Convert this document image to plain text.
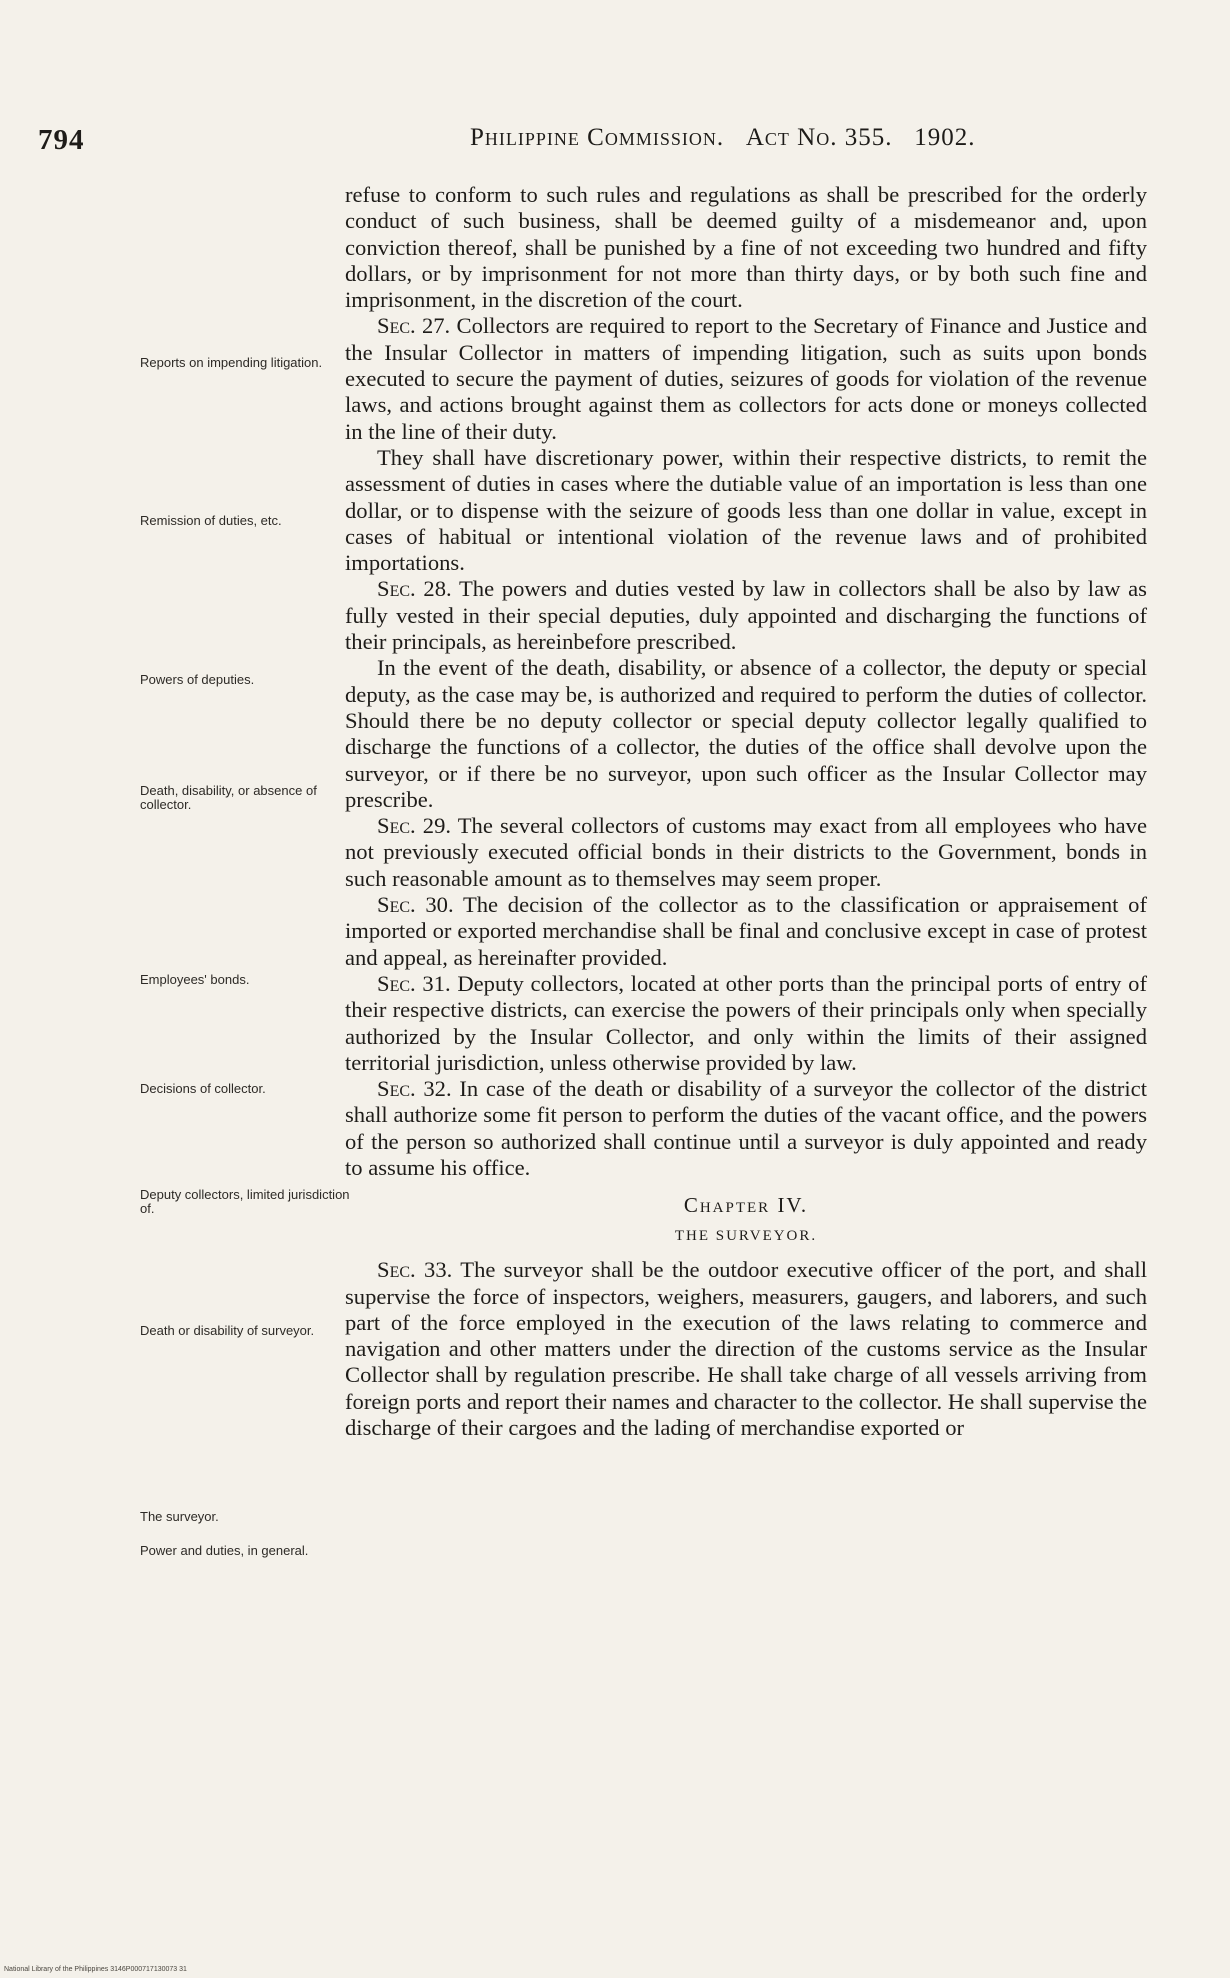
794	Philippine Commission. Act No. 355. 1902.
Reports on impending litigation.
Remission of duties, etc.
Powers of deputies.
Death, disability, or absence of collector.
Employees' bonds.
Decisions of collector.
Deputy collectors, limited jurisdiction of.
Death or disability of surveyor.
The surveyor.
Power and duties, in general.

refuse to conform to such rules and regulations as shall be prescribed for the orderly conduct of such business, shall be deemed guilty of a misdemeanor and, upon conviction thereof, shall be punished by a fine of not exceeding two hundred and fifty dollars, or by imprisonment for not more than thirty days, or by both such fine and imprisonment, in the discretion of the court.

Sec. 27. Collectors are required to report to the Secretary of Finance and Justice and the Insular Collector in matters of impending litigation, such as suits upon bonds executed to secure the payment of duties, seizures of goods for violation of the revenue laws, and actions brought against them as collectors for acts done or moneys collected in the line of their duty.

They shall have discretionary power, within their respective districts, to remit the assessment of duties in cases where the dutiable value of an importation is less than one dollar, or to dispense with the seizure of goods less than one dollar in value, except in cases of habitual or intentional violation of the revenue laws and of prohibited importations.

Sec. 28. The powers and duties vested by law in collectors shall be also by law as fully vested in their special deputies, duly appointed and discharging the functions of their principals, as hereinbefore prescribed.

In the event of the death, disability, or absence of a collector, the deputy or special deputy, as the case may be, is authorized and required to perform the duties of collector. Should there be no deputy collector or special deputy collector legally qualified to discharge the functions of a collector, the duties of the office shall devolve upon the surveyor, or if there be no surveyor, upon such officer as the Insular Collector may prescribe.

Sec. 29. The several collectors of customs may exact from all employees who have not previously executed official bonds in their districts to the Government, bonds in such reasonable amount as to themselves may seem proper.

Sec. 30. The decision of the collector as to the classification or appraisement of imported or exported merchandise shall be final and conclusive except in case of protest and appeal, as hereinafter provided.

Sec. 31. Deputy collectors, located at other ports than the principal ports of entry of their respective districts, can exercise the powers of their principals only when specially authorized by the Insular Collector, and only within the limits of their assigned territorial jurisdiction, unless otherwise provided by law.

Sec. 32. In case of the death or disability of a surveyor the collector of the district shall authorize some fit person to perform the duties of the vacant office, and the powers of the person so authorized shall continue until a surveyor is duly appointed and ready to assume his office.

Chapter IV.
THE SURVEYOR.

Sec. 33. The surveyor shall be the outdoor executive officer of the port, and shall supervise the force of inspectors, weighers, measurers, gaugers, and laborers, and such part of the force employed in the execution of the laws relating to commerce and navigation and other matters under the direction of the customs service as the Insular Collector shall by regulation prescribe. He shall take charge of all vessels arriving from foreign ports and report their names and character to the collector. He shall supervise the discharge of their cargoes and the lading of merchandise exported or

National Library of the Philippines 3146P000717130073 31
